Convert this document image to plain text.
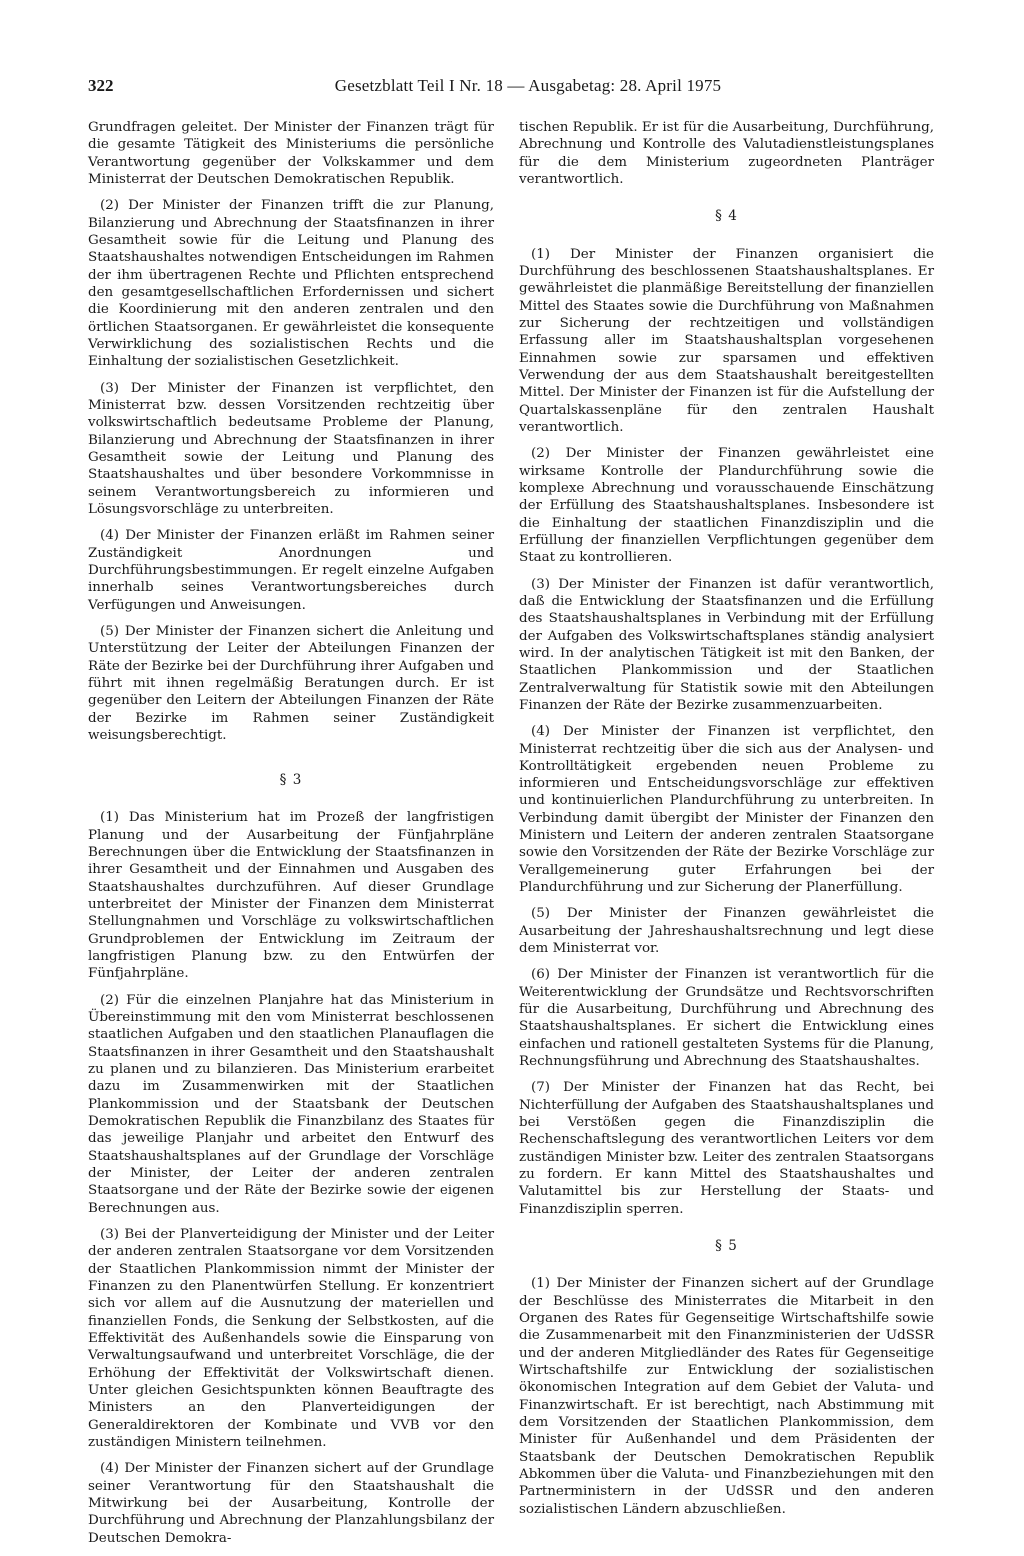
322	Gesetzblatt Teil I Nr. 18 — Ausgabetag: 28. April 1975

Grundfragen geleitet. Der Minister der Finanzen trägt für die gesamte Tätigkeit des Ministeriums die persönliche Verantwortung gegenüber der Volkskammer und dem Ministerrat der Deutschen Demokratischen Republik.

(2) Der Minister der Finanzen trifft die zur Planung, Bilanzierung und Abrechnung der Staatsfinanzen in ihrer Gesamtheit sowie für die Leitung und Planung des Staatshaushaltes notwendigen Entscheidungen im Rahmen der ihm übertragenen Rechte und Pflichten entsprechend den gesamtgesellschaftlichen Erfordernissen und sichert die Koordinierung mit den anderen zentralen und den örtlichen Staatsorganen. Er gewährleistet die konsequente Verwirklichung des sozialistischen Rechts und die Einhaltung der sozialistischen Gesetzlichkeit.

(3) Der Minister der Finanzen ist verpflichtet, den Ministerrat bzw. dessen Vorsitzenden rechtzeitig über volkswirtschaftlich bedeutsame Probleme der Planung, Bilanzierung und Abrechnung der Staatsfinanzen in ihrer Gesamtheit sowie der Leitung und Planung des Staatshaushaltes und über besondere Vorkommnisse in seinem Verantwortungsbereich zu informieren und Lösungsvorschläge zu unterbreiten.

(4) Der Minister der Finanzen erläßt im Rahmen seiner Zuständigkeit Anordnungen und Durchführungsbestimmungen. Er regelt einzelne Aufgaben innerhalb seines Verantwortungsbereiches durch Verfügungen und Anweisungen.

(5) Der Minister der Finanzen sichert die Anleitung und Unterstützung der Leiter der Abteilungen Finanzen der Räte der Bezirke bei der Durchführung ihrer Aufgaben und führt mit ihnen regelmäßig Beratungen durch. Er ist gegenüber den Leitern der Abteilungen Finanzen der Räte der Bezirke im Rahmen seiner Zuständigkeit weisungsberechtigt.

§ 3

(1) Das Ministerium hat im Prozeß der langfristigen Planung und der Ausarbeitung der Fünfjahrpläne Berechnungen über die Entwicklung der Staatsfinanzen in ihrer Gesamtheit und der Einnahmen und Ausgaben des Staatshaushaltes durchzuführen. Auf dieser Grundlage unterbreitet der Minister der Finanzen dem Ministerrat Stellungnahmen und Vorschläge zu volkswirtschaftlichen Grundproblemen der Entwicklung im Zeitraum der langfristigen Planung bzw. zu den Entwürfen der Fünfjahrpläne.

(2) Für die einzelnen Planjahre hat das Ministerium in Übereinstimmung mit den vom Ministerrat beschlossenen staatlichen Aufgaben und den staatlichen Planauflagen die Staatsfinanzen in ihrer Gesamtheit und den Staatshaushalt zu planen und zu bilanzieren. Das Ministerium erarbeitet dazu im Zusammenwirken mit der Staatlichen Plankommission und der Staatsbank der Deutschen Demokratischen Republik die Finanzbilanz des Staates für das jeweilige Planjahr und arbeitet den Entwurf des Staatshaushaltsplanes auf der Grundlage der Vorschläge der Minister, der Leiter der anderen zentralen Staatsorgane und der Räte der Bezirke sowie der eigenen Berechnungen aus.

(3) Bei der Planverteidigung der Minister und der Leiter der anderen zentralen Staatsorgane vor dem Vorsitzenden der Staatlichen Plankommission nimmt der Minister der Finanzen zu den Planentwürfen Stellung. Er konzentriert sich vor allem auf die Ausnutzung der materiellen und finanziellen Fonds, die Senkung der Selbstkosten, auf die Effektivität des Außenhandels sowie die Einsparung von Verwaltungsaufwand und unterbreitet Vorschläge, die der Erhöhung der Effektivität der Volkswirtschaft dienen. Unter gleichen Gesichtspunkten können Beauftragte des Ministers an den Planverteidigungen der Generaldirektoren der Kombinate und VVB vor den zuständigen Ministern teilnehmen.

(4) Der Minister der Finanzen sichert auf der Grundlage seiner Verantwortung für den Staatshaushalt die Mitwirkung bei der Ausarbeitung, Kontrolle der Durchführung und Abrechnung der Planzahlungsbilanz der Deutschen Demokra-

tischen Republik. Er ist für die Ausarbeitung, Durchführung, Abrechnung und Kontrolle des Valutadienstleistungsplanes für die dem Ministerium zugeordneten Planträger verantwortlich.

§ 4

(1) Der Minister der Finanzen organisiert die Durchführung des beschlossenen Staatshaushaltsplanes. Er gewährleistet die planmäßige Bereitstellung der finanziellen Mittel des Staates sowie die Durchführung von Maßnahmen zur Sicherung der rechtzeitigen und vollständigen Erfassung aller im Staatshaushaltsplan vorgesehenen Einnahmen sowie zur sparsamen und effektiven Verwendung der aus dem Staatshaushalt bereitgestellten Mittel. Der Minister der Finanzen ist für die Aufstellung der Quartalskassenpläne für den zentralen Haushalt verantwortlich.

(2) Der Minister der Finanzen gewährleistet eine wirksame Kontrolle der Plandurchführung sowie die komplexe Abrechnung und vorausschauende Einschätzung der Erfüllung des Staatshaushaltsplanes. Insbesondere ist die Einhaltung der staatlichen Finanzdisziplin und die Erfüllung der finanziellen Verpflichtungen gegenüber dem Staat zu kontrollieren.

(3) Der Minister der Finanzen ist dafür verantwortlich, daß die Entwicklung der Staatsfinanzen und die Erfüllung des Staatshaushaltsplanes in Verbindung mit der Erfüllung der Aufgaben des Volkswirtschaftsplanes ständig analysiert wird. In der analytischen Tätigkeit ist mit den Banken, der Staatlichen Plankommission und der Staatlichen Zentralverwaltung für Statistik sowie mit den Abteilungen Finanzen der Räte der Bezirke zusammenzuarbeiten.

(4) Der Minister der Finanzen ist verpflichtet, den Ministerrat rechtzeitig über die sich aus der Analysen- und Kontrolltätigkeit ergebenden neuen Probleme zu informieren und Entscheidungsvorschläge zur effektiven und kontinuierlichen Plandurchführung zu unterbreiten. In Verbindung damit übergibt der Minister der Finanzen den Ministern und Leitern der anderen zentralen Staatsorgane sowie den Vorsitzenden der Räte der Bezirke Vorschläge zur Verallgemeinerung guter Erfahrungen bei der Plandurchführung und zur Sicherung der Planerfüllung.

(5) Der Minister der Finanzen gewährleistet die Ausarbeitung der Jahreshaushaltsrechnung und legt diese dem Ministerrat vor.

(6) Der Minister der Finanzen ist verantwortlich für die Weiterentwicklung der Grundsätze und Rechtsvorschriften für die Ausarbeitung, Durchführung und Abrechnung des Staatshaushaltsplanes. Er sichert die Entwicklung eines einfachen und rationell gestalteten Systems für die Planung, Rechnungsführung und Abrechnung des Staatshaushaltes.

(7) Der Minister der Finanzen hat das Recht, bei Nichterfüllung der Aufgaben des Staatshaushaltsplanes und bei Verstößen gegen die Finanzdisziplin die Rechenschaftslegung des verantwortlichen Leiters vor dem zuständigen Minister bzw. Leiter des zentralen Staatsorgans zu fordern. Er kann Mittel des Staatshaushaltes und Valutamittel bis zur Herstellung der Staats- und Finanzdisziplin sperren.

§ 5

(1) Der Minister der Finanzen sichert auf der Grundlage der Beschlüsse des Ministerrates die Mitarbeit in den Organen des Rates für Gegenseitige Wirtschaftshilfe sowie die Zusammenarbeit mit den Finanzministerien der UdSSR und der anderen Mitgliedländer des Rates für Gegenseitige Wirtschaftshilfe zur Entwicklung der sozialistischen ökonomischen Integration auf dem Gebiet der Valuta- und Finanzwirtschaft. Er ist berechtigt, nach Abstimmung mit dem Vorsitzenden der Staatlichen Plankommission, dem Minister für Außenhandel und dem Präsidenten der Staatsbank der Deutschen Demokratischen Republik Abkommen über die Valuta- und Finanzbeziehungen mit den Partnerministern in der UdSSR und den anderen sozialistischen Ländern abzuschließen.
